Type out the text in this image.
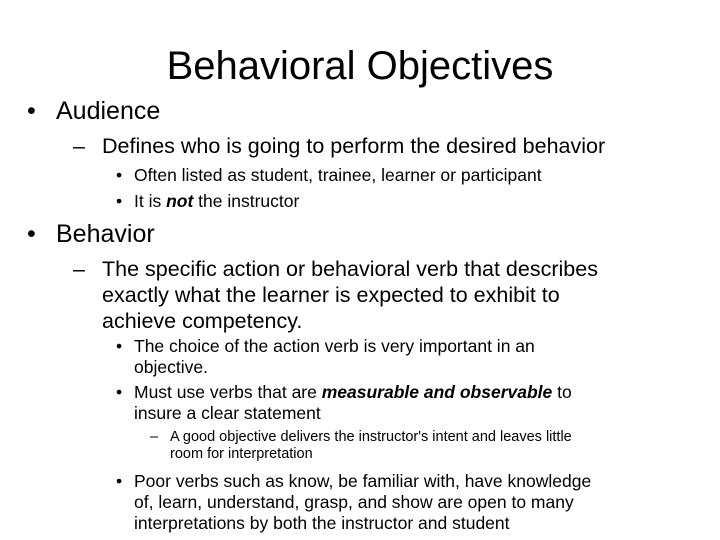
Behavioral Objectives
• Audience
– Defines who is going to perform the desired behavior
• Often listed as student, trainee, learner or participant
• It is not the instructor
• Behavior
– The specific action or behavioral verb that describes
exactly what the learner is expected to exhibit to
achieve competency.
• The choice of the action verb is very important in an
objective.
• Must use verbs that are measurable and observable to
insure a clear statement
– A good objective delivers the instructor's intent and leaves little
room for interpretation
• Poor verbs such as know, be familiar with, have knowledge
of, learn, understand, grasp, and show are open to many
interpretations by both the instructor and student
